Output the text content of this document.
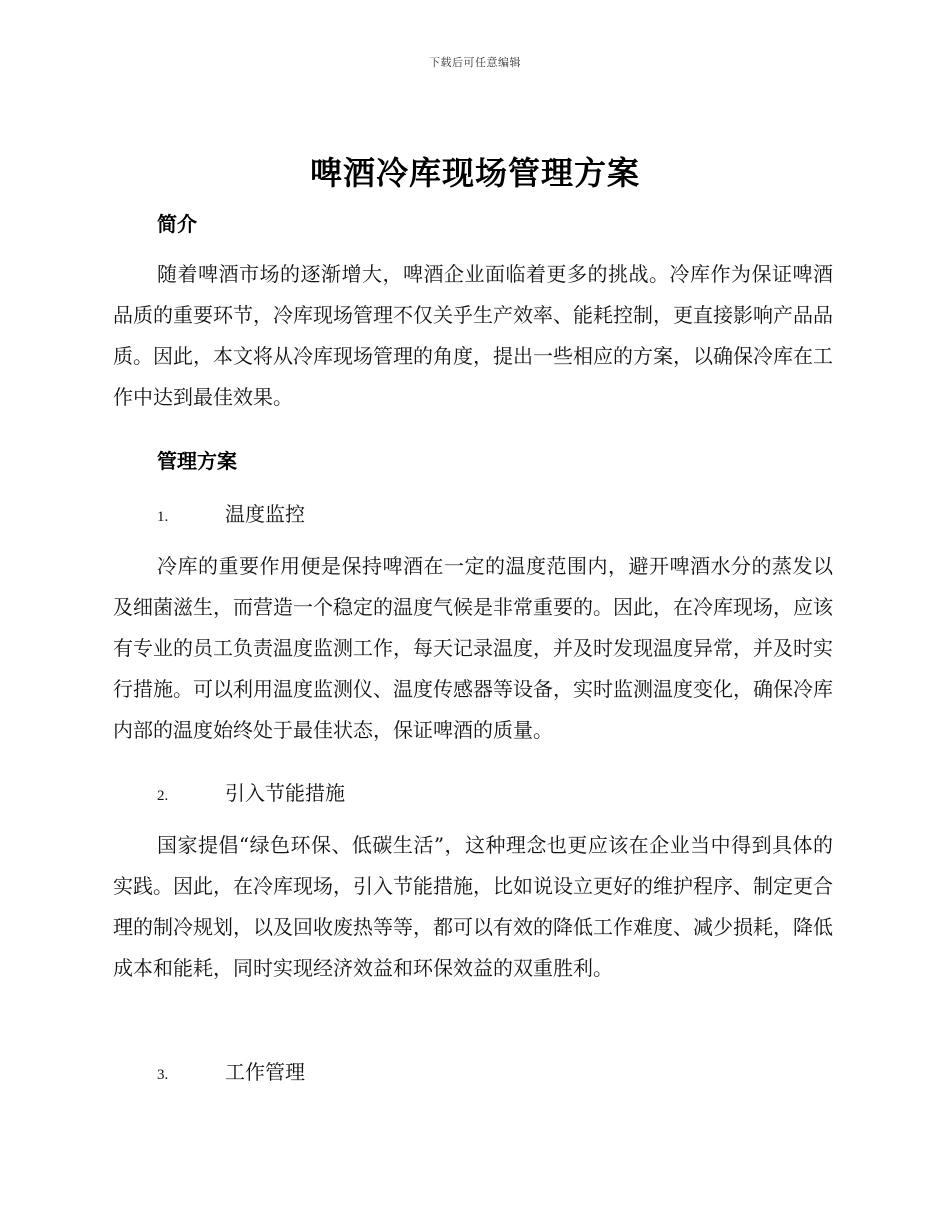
下载后可任意编辑
啤酒冷库现场管理方案
简介
随着啤酒市场的逐渐增大，啤酒企业面临着更多的挑战。冷库作为保证啤酒品质的重要环节，冷库现场管理不仅关乎生产效率、能耗控制，更直接影响产品品质。因此，本文将从冷库现场管理的角度，提出一些相应的方案，以确保冷库在工作中达到最佳效果。
管理方案
1.	温度监控
冷库的重要作用便是保持啤酒在一定的温度范围内，避开啤酒水分的蒸发以及细菌滋生，而营造一个稳定的温度气候是非常重要的。因此，在冷库现场，应该有专业的员工负责温度监测工作，每天记录温度，并及时发现温度异常，并及时实行措施。可以利用温度监测仪、温度传感器等设备，实时监测温度变化，确保冷库内部的温度始终处于最佳状态，保证啤酒的质量。
2.	引入节能措施
国家提倡“绿色环保、低碳生活”，这种理念也更应该在企业当中得到具体的实践。因此，在冷库现场，引入节能措施，比如说设立更好的维护程序、制定更合理的制冷规划，以及回收废热等等，都可以有效的降低工作难度、减少损耗，降低成本和能耗，同时实现经济效益和环保效益的双重胜利。
3.	工作管理
